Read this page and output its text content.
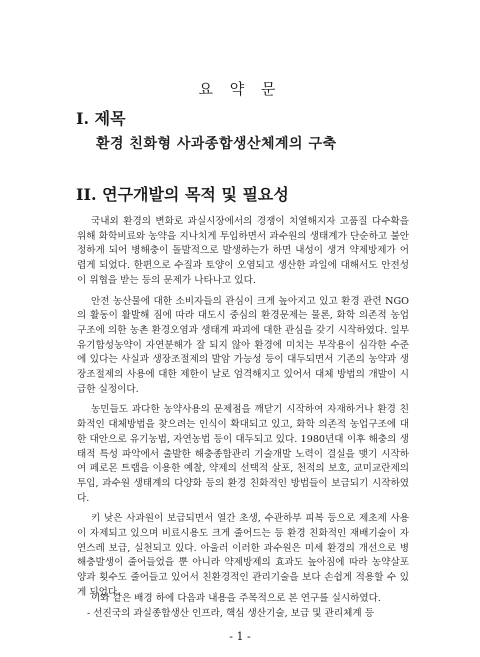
요 약 문
I. 제목
환경 친화형 사과종합생산체계의 구축
II. 연구개발의 목적 및 필요성

국내외 환경의 변화로 과실시장에서의 경쟁이 치열해지자 고품질 다수확을 위해 화학비료와 농약을 지나치게 투입하면서 과수원의 생태계가 단순하고 불안정하게 되어 병해충이 돌발적으로 발생하는가 하면 내성이 생겨 약제방제가 어렵게 되었다. 한편으로 수질과 토양이 오염되고 생산한 과일에 대해서도 안전성이 위협을 받는 등의 문제가 나타나고 있다.

안전 농산물에 대한 소비자들의 관심이 크게 높아지고 있고 환경 관련 NGO의 활동이 활발해 짐에 따라 대도시 중심의 환경문제는 물론, 화학 의존적 농업구조에 의한 농촌 환경오염과 생태계 파괴에 대한 관심을 갖기 시작하였다. 일부 유기합성농약이 자연분해가 잘 되지 않아 환경에 미치는 부작용이 심각한 수준에 있다는 사실과 생장조절제의 발암 가능성 등이 대두되면서 기존의 농약과 생장조절제의 사용에 대한 제한이 날로 엄격해지고 있어서 대체 방법의 개발이 시급한 실정이다.

농민들도 과다한 농약사용의 문제점을 깨닫기 시작하여 자재하거나 환경 친화적인 대체방법을 찾으려는 인식이 확대되고 있고, 화학 의존적 농업구조에 대한 대안으로 유기농법, 자연농법 등이 대두되고 있다. 1980년대 이후 해충의 생태적 특성 파악에서 출발한 해충종합관리 기술개발 노력이 결실을 맺기 시작하여 페로몬 트랩을 이용한 예찰, 약제의 선택적 살포, 천적의 보호, 교미교란제의 투입, 과수원 생태계의 다양화 등의 환경 친화적인 방법들이 보급되기 시작하였다.

키 낮은 사과원이 보급되면서 열간 초생, 수관하부 피복 등으로 제초제 사용이 자제되고 있으며 비료시용도 크게 줄어드는 등 환경 친화적인 재배기술이 자연스레 보급, 실천되고 있다. 아울러 이러한 과수원은 미세 환경의 개선으로 병해충발생이 줄어들었을 뿐 아니라 약제방제의 효과도 높아짐에 따라 농약살포 양과 횟수도 줄어들고 있어서 친환경적인 관리기술을 보다 손쉽게 적용할 수 있게 되었다.

이와 같은 배경 하에 다음과 내용을 주목적으로 본 연구를 실시하였다.
- 선진국의 과실종합생산 인프라, 핵심 생산기술, 보급 및 관리체계 등
- 1 -
